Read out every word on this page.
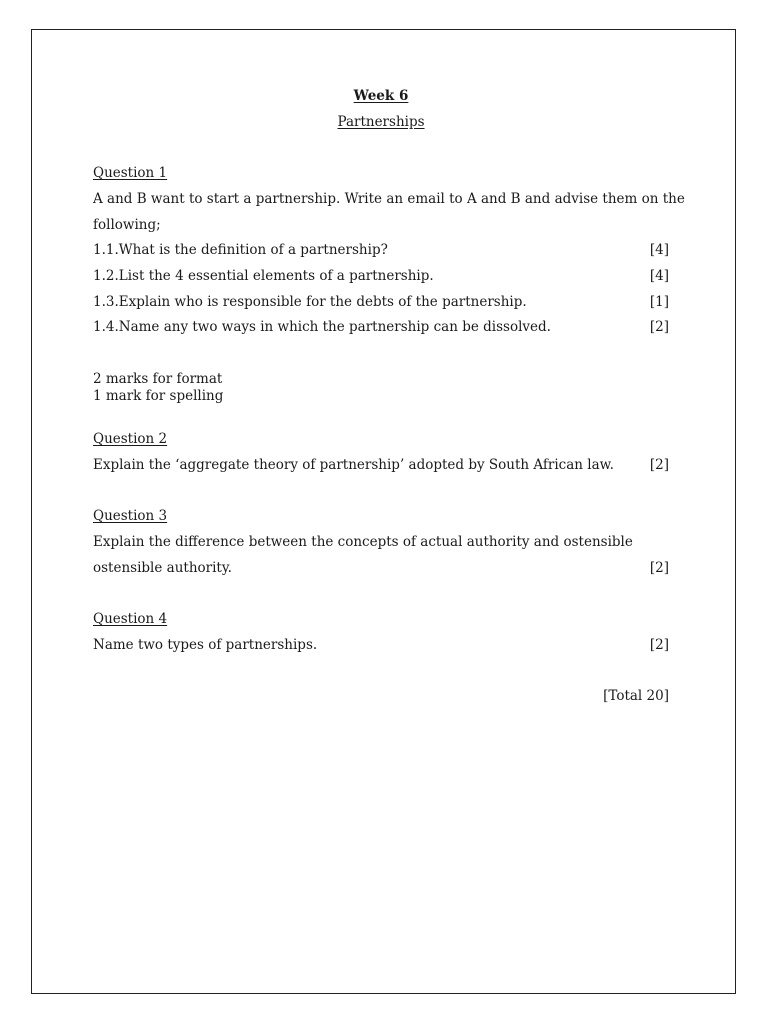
Week 6
Partnerships
Question 1
A and B want to start a partnership. Write an email to A and B and advise them on the
following;
1.1.What is the definition of a partnership?	[4]
1.2.List the 4 essential elements of a partnership.	[4]
1.3.Explain who is responsible for the debts of the partnership.	[1]
1.4.Name any two ways in which the partnership can be dissolved.	[2]
2 marks for format
1 mark for spelling
Question 2
Explain the ‘aggregate theory of partnership’ adopted by South African law.	[2]
Question 3
Explain the difference between the concepts of actual authority and ostensible
ostensible authority.	[2]
Question 4
Name two types of partnerships.	[2]
[Total 20]
